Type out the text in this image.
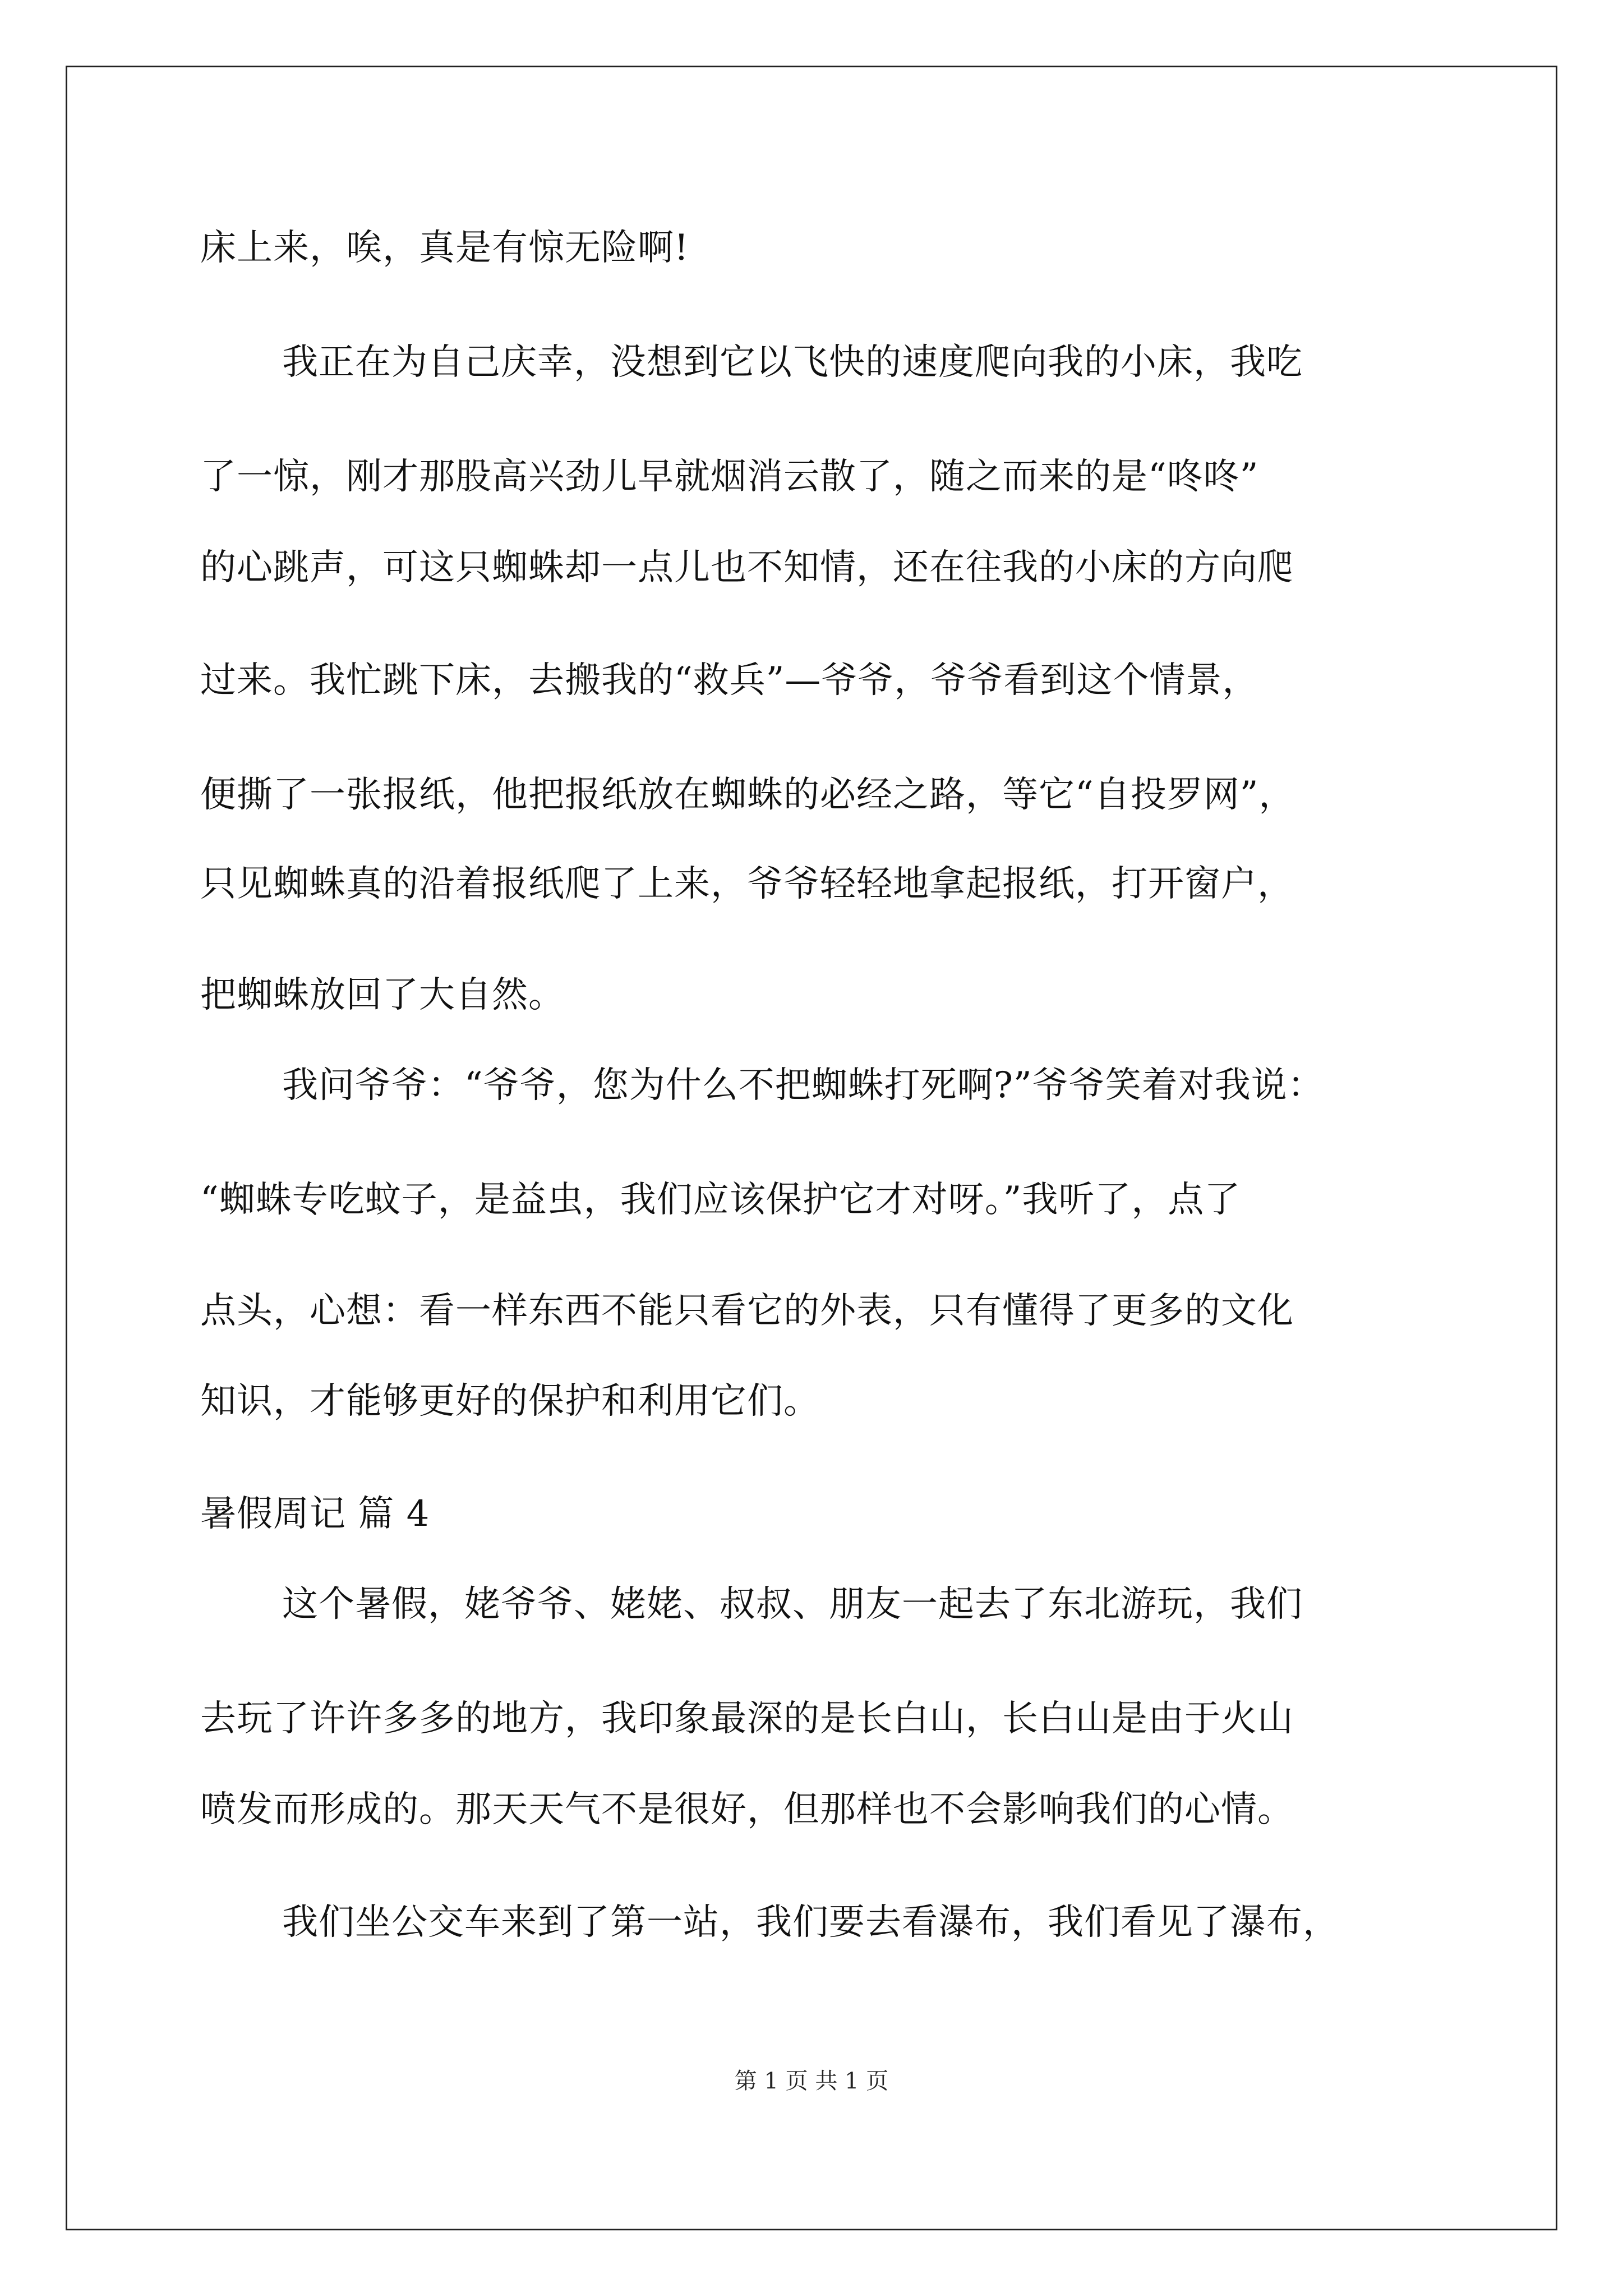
床上来，唉，真是有惊无险啊!
我正在为自己庆幸，没想到它以飞快的速度爬向我的小床，我吃
了一惊，刚才那股高兴劲儿早就烟消云散了，随之而来的是“咚咚”
的心跳声，可这只蜘蛛却一点儿也不知情，还在往我的小床的方向爬
过来。我忙跳下床，去搬我的“救兵”—爷爷，爷爷看到这个情景，
便撕了一张报纸，他把报纸放在蜘蛛的必经之路，等它“自投罗网”，
只见蜘蛛真的沿着报纸爬了上来，爷爷轻轻地拿起报纸，打开窗户，
把蜘蛛放回了大自然。
我问爷爷：“爷爷，您为什么不把蜘蛛打死啊?”爷爷笑着对我说：
“蜘蛛专吃蚊子，是益虫，我们应该保护它才对呀。”我听了，点了
点头，心想：看一样东西不能只看它的外表，只有懂得了更多的文化
知识，才能够更好的保护和利用它们。
暑假周记 篇 4
这个暑假，姥爷爷、姥姥、叔叔、朋友一起去了东北游玩，我们
去玩了许许多多的地方，我印象最深的是长白山，长白山是由于火山
喷发而形成的。那天天气不是很好，但那样也不会影响我们的心情。
我们坐公交车来到了第一站，我们要去看瀑布，我们看见了瀑布，
第 1 页 共 1 页
